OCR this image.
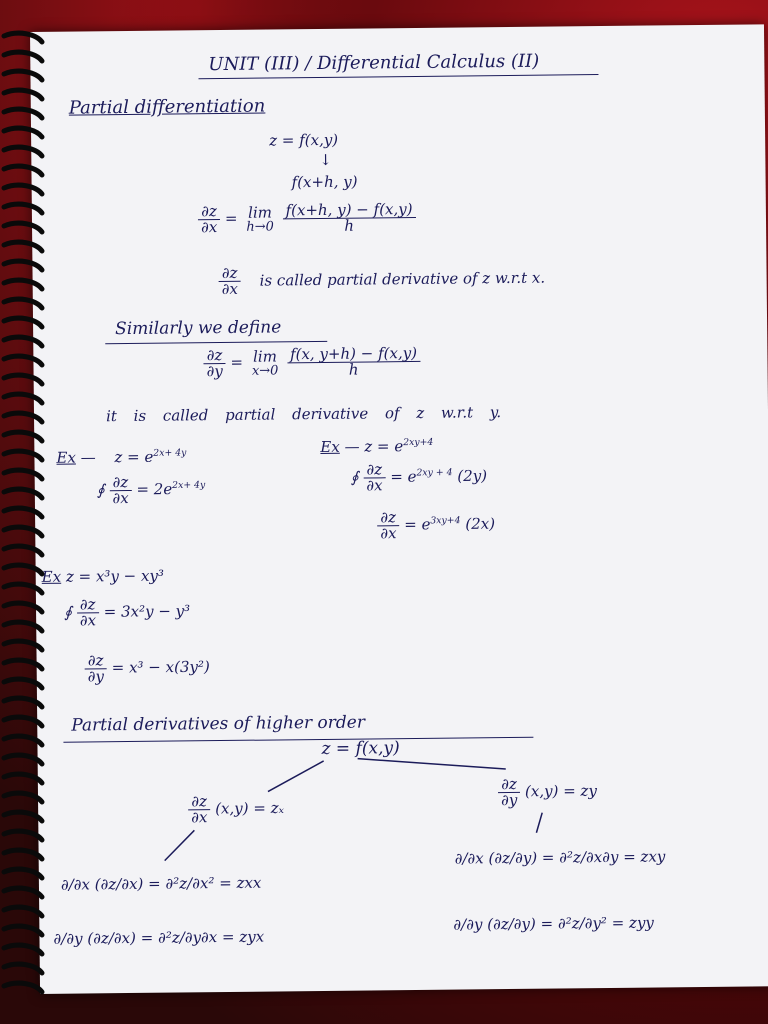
UNIT (III) / Differential Calculus (II)
Partial differentiation
z = f(x,y)
↓
f(x+h, y)
$\frac{\partial z}{\partial x} = \lim$
h→0
$\frac{f(x+h, y) - f(x,y)}{h}$
$\frac{\partial z}{\partial x}$ is called partial derivative of z w.r.t x.
Similarly we define
$\frac{\partial z}{\partial y} = \lim$
x→0
$\frac{f(x, y+h) - f(x,y)}{h}$
it is called partial derivative of z w.r.t y.
Ex — $z = e^{2x+ 4y}$
∮ $\frac{\partial z}{\partial x} = 2e^{2x+ 4y}$
Ex — $z = e^{2xy+4}$
∮ $\frac{\partial z}{\partial x} = e^{2xy + 4}$ (2y)
$\frac{\partial z}{\partial x} = e^{3xy+4}$ (2x)
Ex z = x³y − xy³
∮ $\frac{\partial z}{\partial x} = 3x^2y - y^3$
$\frac{\partial z}{\partial y} = x^3 - x(3y^2)$
Partial derivatives of higher order
z = f(x,y)
$\frac{\partial z}{\partial x} (x,y) = z_x$
$\frac{\partial z}{\partial y} (x,y)$ = zy
∂/∂x (∂z/∂x) = ∂²z/∂x² = zxx
∂/∂y (∂z/∂x) = ∂²z/∂y∂x = zyx
∂/∂x (∂z/∂y) = ∂²z/∂x∂y = zxy
∂/∂y (∂z/∂y) = ∂²z/∂y² = zyy
